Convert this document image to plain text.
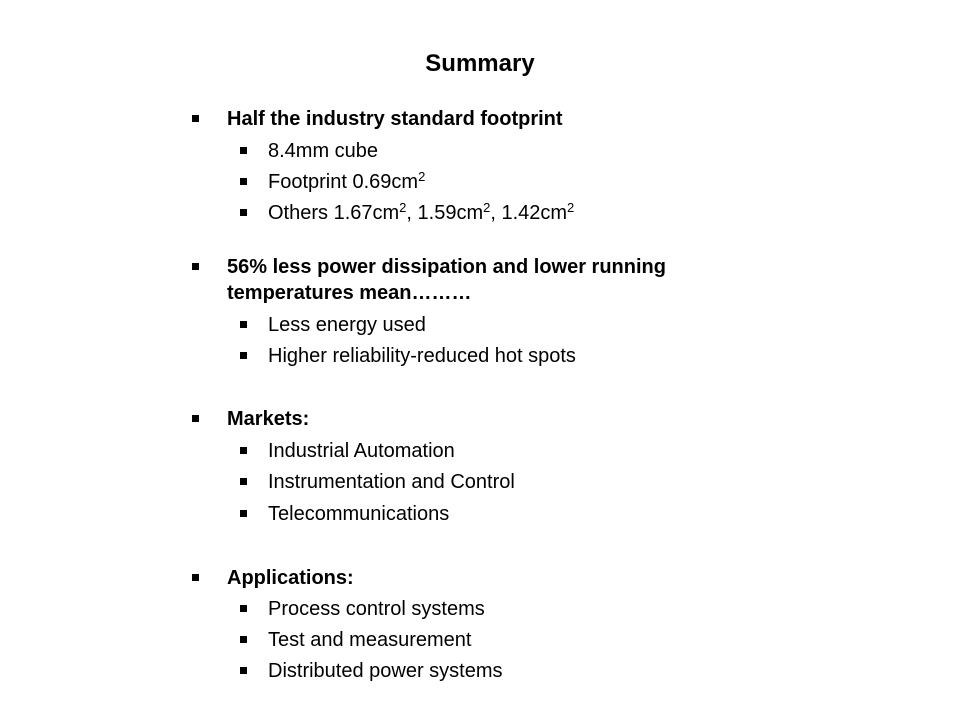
Summary
Half the industry standard footprint
8.4mm cube
Footprint $0.69cm^2$
Others $1.67cm^2$, $1.59cm^2$, $1.42cm^2$
56% less power dissipation and lower running
temperatures mean………
Less energy used
Higher reliability-reduced hot spots
Markets:
Industrial Automation
Instrumentation and Control
Telecommunications
Applications:
Process control systems
Test and measurement
Distributed power systems
